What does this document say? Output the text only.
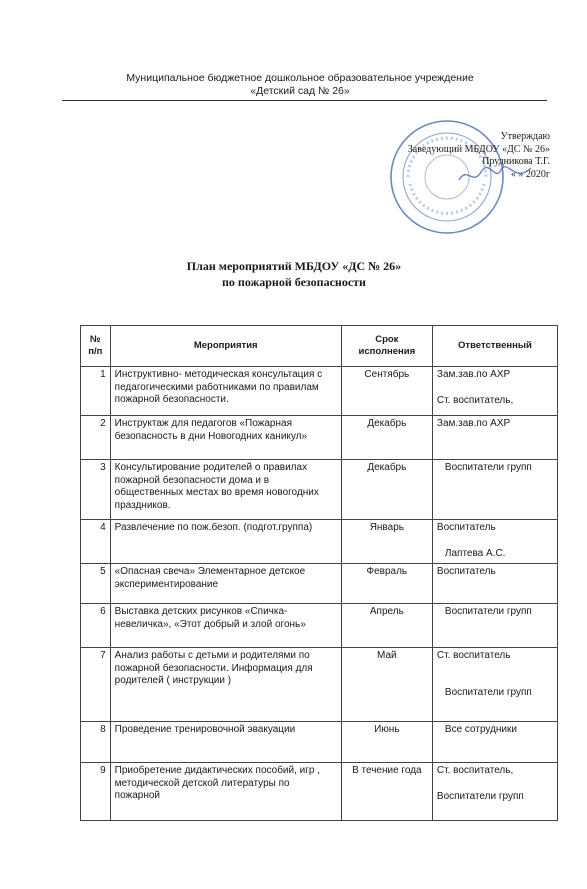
Муниципальное бюджетное дошкольное образовательное учреждение
«Детский сад № 26»
Утверждаю
Заведующий МБДОУ «ДС № 26»
Прудникова Т.Г.
« » 2020г
План мероприятий МБДОУ «ДС № 26»
по пожарной безопасности
№ п/п	Мероприятия	Срок исполнения	Ответственный
1	Инструктивно- методическая консультация с педагогическими работниками по правилам пожарной безопасности.	Сентябрь	Зам.зав.по АХР
Ст. воспитатель,

2	Инструктаж для педагогов «Пожарная безопасность в дни Новогодних каникул»	Декабрь	Зам.зав.по АХР

3	Консультирование родителей о правилах пожарной безопасности дома и в общественных местах во время новогодних праздников.	Декабрь	Воспитатели групп

4	Развлечение по пож.безоп. (подгот.группа)	Январь	Воспитатель
Лаптева А.С.

5	«Опасная свеча» Элементарное детское экспериментирование	Февраль	Воспитатель

6	Выставка детских рисунков «Спичка- невеличка», «Этот добрый и злой огонь»	Апрель	Воспитатели групп

7	Анализ работы с детьми и родителями по пожарной безопасности. Информация для родителей ( инструкции )	Май	Ст. воспитатель
Воспитатели групп

8	Проведение тренировочной эвакуации	Июнь	Все сотрудники

9	Приобретение дидактических пособий, игр , методической детской литературы по пожарной	В течение года	Ст. воспитатель,
Воспитатели групп
